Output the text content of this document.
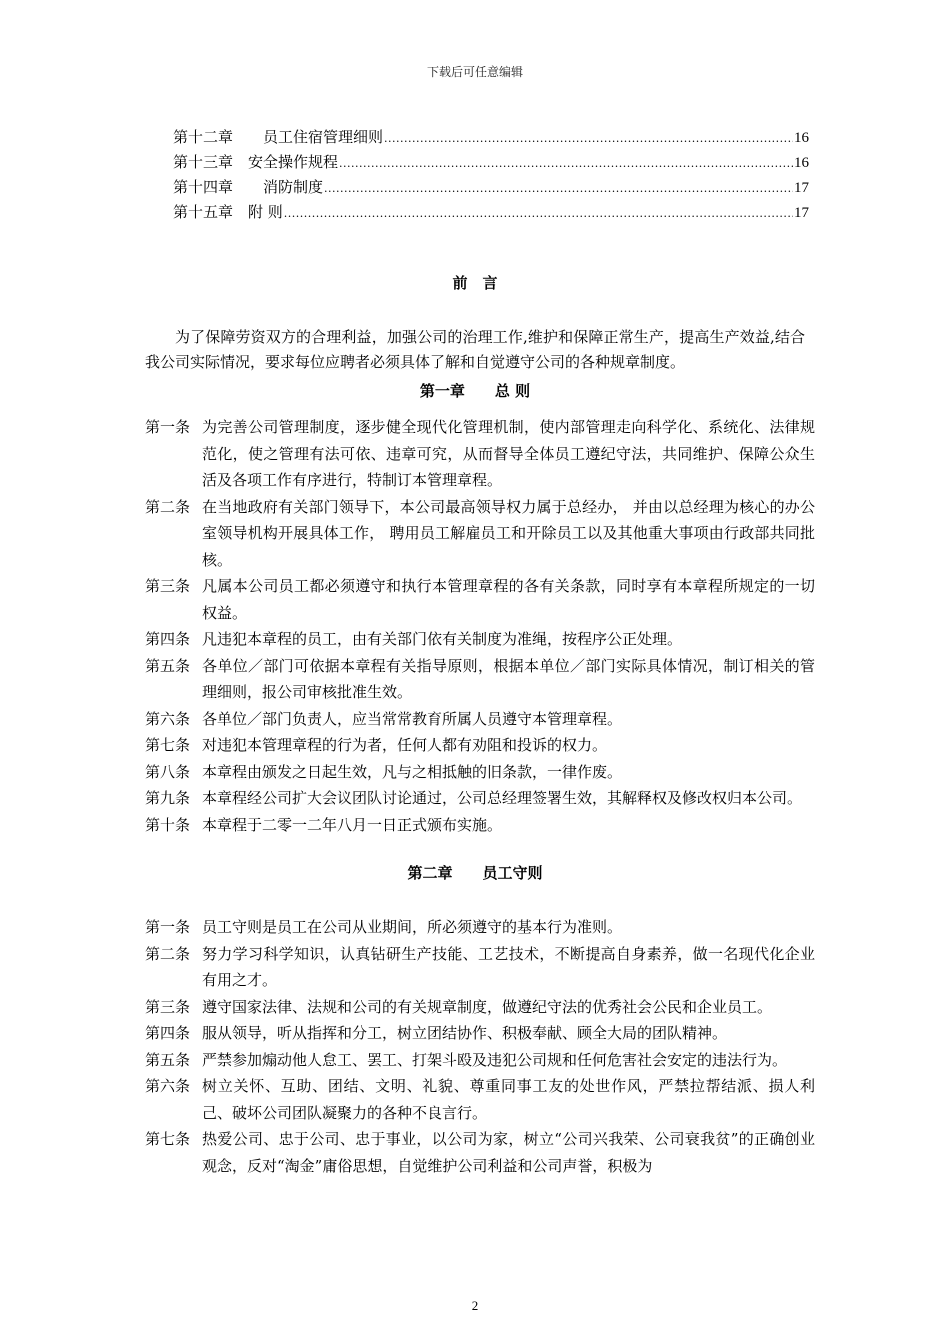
下载后可任意编辑
第十二章　　员工住宿管理细则 .....	16
第十三章　安全操作规程 .....	16
第十四章　　消防制度 .....	17
第十五章　附 则 .....	17
前　言
为了保障劳资双方的合理利益，加强公司的治理工作,维护和保障正常生产，提高生产效益,结合我公司实际情况，要求每位应聘者必须具体了解和自觉遵守公司的各种规章制度。
第一章　　总 则
第一条 为完善公司管理制度，逐步健全现代化管理机制，使内部管理走向科学化、系统化、法律规范化，使之管理有法可依、违章可究，从而督导全体员工遵纪守法，共同维护、保障公众生活及各项工作有序进行，特制订本管理章程。
第二条 在当地政府有关部门领导下，本公司最高领导权力属于总经办， 并由以总经理为核心的办公室领导机构开展具体工作， 聘用员工解雇员工和开除员工以及其他重大事项由行政部共同批核。
第三条 凡属本公司员工都必须遵守和执行本管理章程的各有关条款，同时享有本章程所规定的一切权益。
第四条 凡违犯本章程的员工，由有关部门依有关制度为准绳，按程序公正处理。
第五条 各单位／部门可依据本章程有关指导原则，根据本单位／部门实际具体情况，制订相关的管理细则，报公司审核批准生效。
第六条 各单位／部门负责人，应当常常教育所属人员遵守本管理章程。
第七条 对违犯本管理章程的行为者，任何人都有劝阻和投诉的权力。
第八条 本章程由颁发之日起生效，凡与之相抵触的旧条款，一律作废。
第九条 本章程经公司扩大会议团队讨论通过，公司总经理签署生效，其解释权及修改权归本公司。
第十条 本章程于二零一二年八月一日正式颁布实施。
第二章　　员工守则
第一条 员工守则是员工在公司从业期间，所必须遵守的基本行为准则。
第二条 努力学习科学知识，认真钻研生产技能、工艺技术，不断提高自身素养，做一名现代化企业有用之才。
第三条 遵守国家法律、法规和公司的有关规章制度，做遵纪守法的优秀社会公民和企业员工。
第四条 服从领导，听从指挥和分工，树立团结协作、积极奉献、顾全大局的团队精神。
第五条 严禁参加煽动他人怠工、罢工、打架斗殴及违犯公司规和任何危害社会安定的违法行为。
第六条 树立关怀、互助、团结、文明、礼貌、尊重同事工友的处世作风，严禁拉帮结派、损人利己、破坏公司团队凝聚力的各种不良言行。
第七条 热爱公司、忠于公司、忠于事业，以公司为家，树立“公司兴我荣、公司衰我贫”的正确创业观念，反对“淘金”庸俗思想，自觉维护公司利益和公司声誉，积极为
2
